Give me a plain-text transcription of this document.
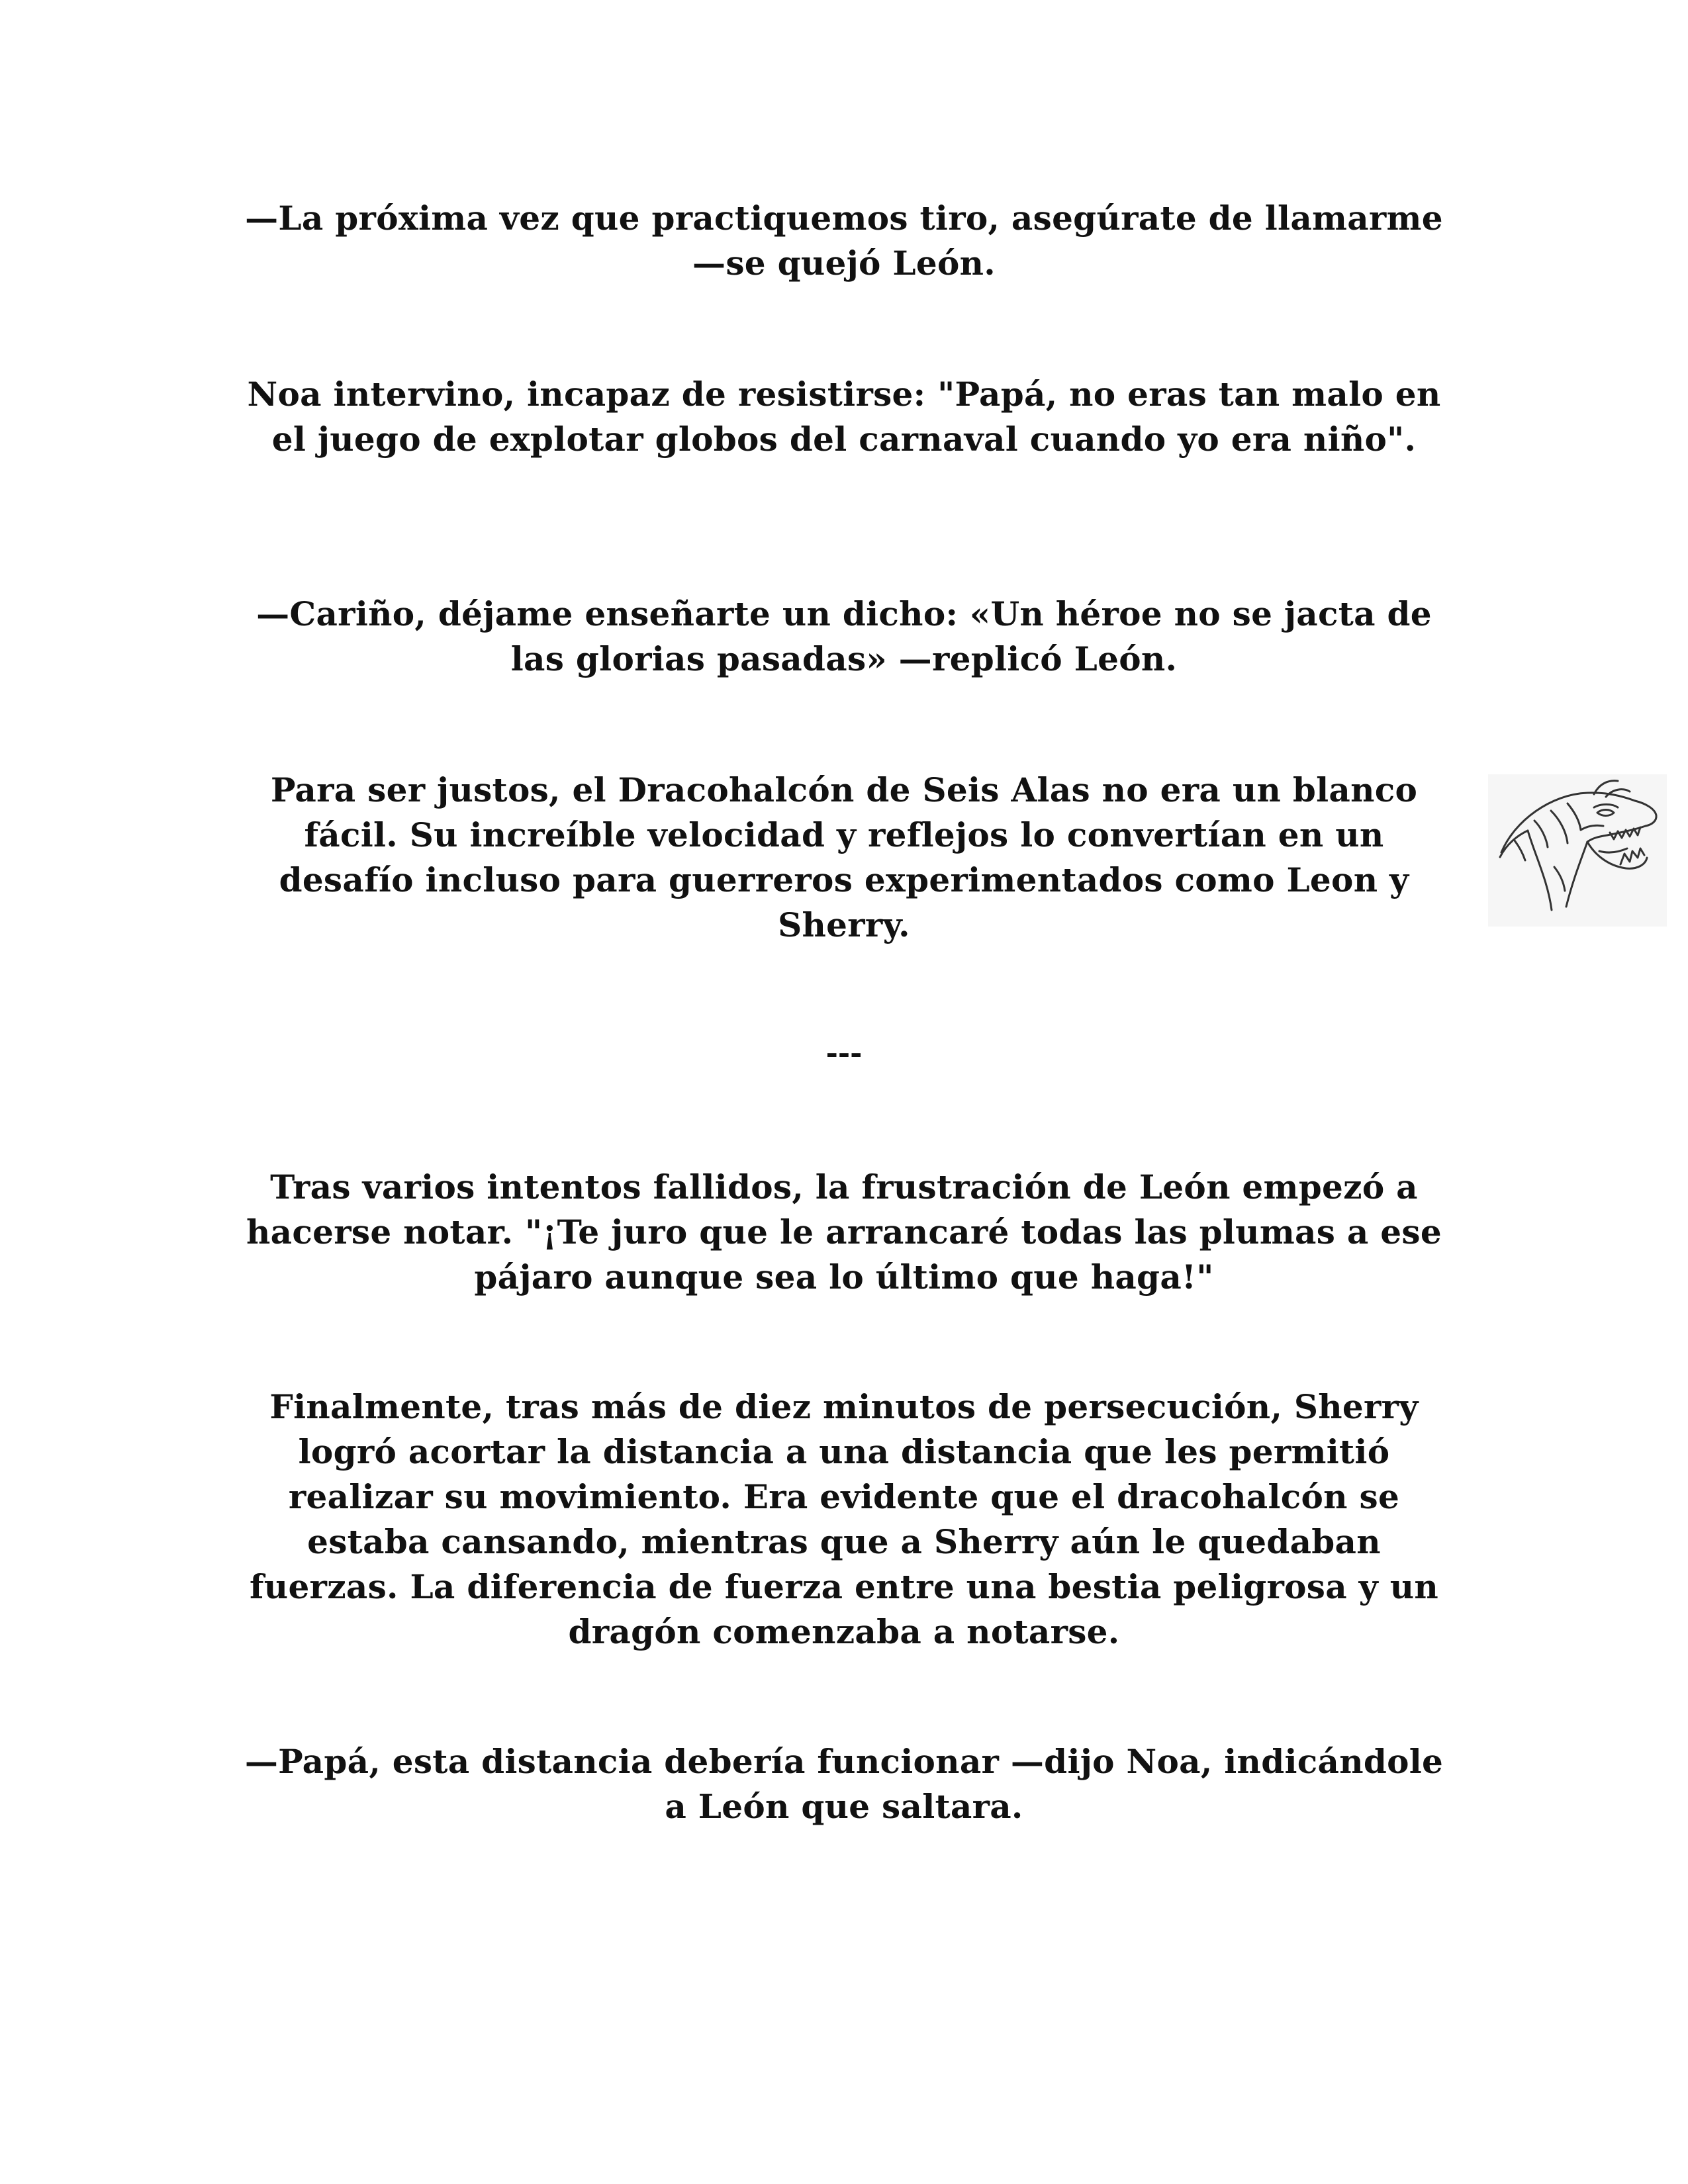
—La próxima vez que practiquemos tiro, asegúrate de llamarme —se quejó León.

Noa intervino, incapaz de resistirse: "Papá, no eras tan malo en el juego de explotar globos del carnaval cuando yo era niño".

—Cariño, déjame enseñarte un dicho: «Un héroe no se jacta de las glorias pasadas» —replicó León.

Para ser justos, el Dracohalcón de Seis Alas no era un blanco fácil. Su increíble velocidad y reflejos lo convertían en un desafío incluso para guerreros experimentados como Leon y Sherry.

---

Tras varios intentos fallidos, la frustración de León empezó a hacerse notar. "¡Te juro que le arrancaré todas las plumas a ese pájaro aunque sea lo último que haga!"

Finalmente, tras más de diez minutos de persecución, Sherry logró acortar la distancia a una distancia que les permitió realizar su movimiento. Era evidente que el dracohalcón se estaba cansando, mientras que a Sherry aún le quedaban fuerzas. La diferencia de fuerza entre una bestia peligrosa y un dragón comenzaba a notarse.

—Papá, esta distancia debería funcionar —dijo Noa, indicándole a León que saltara.
